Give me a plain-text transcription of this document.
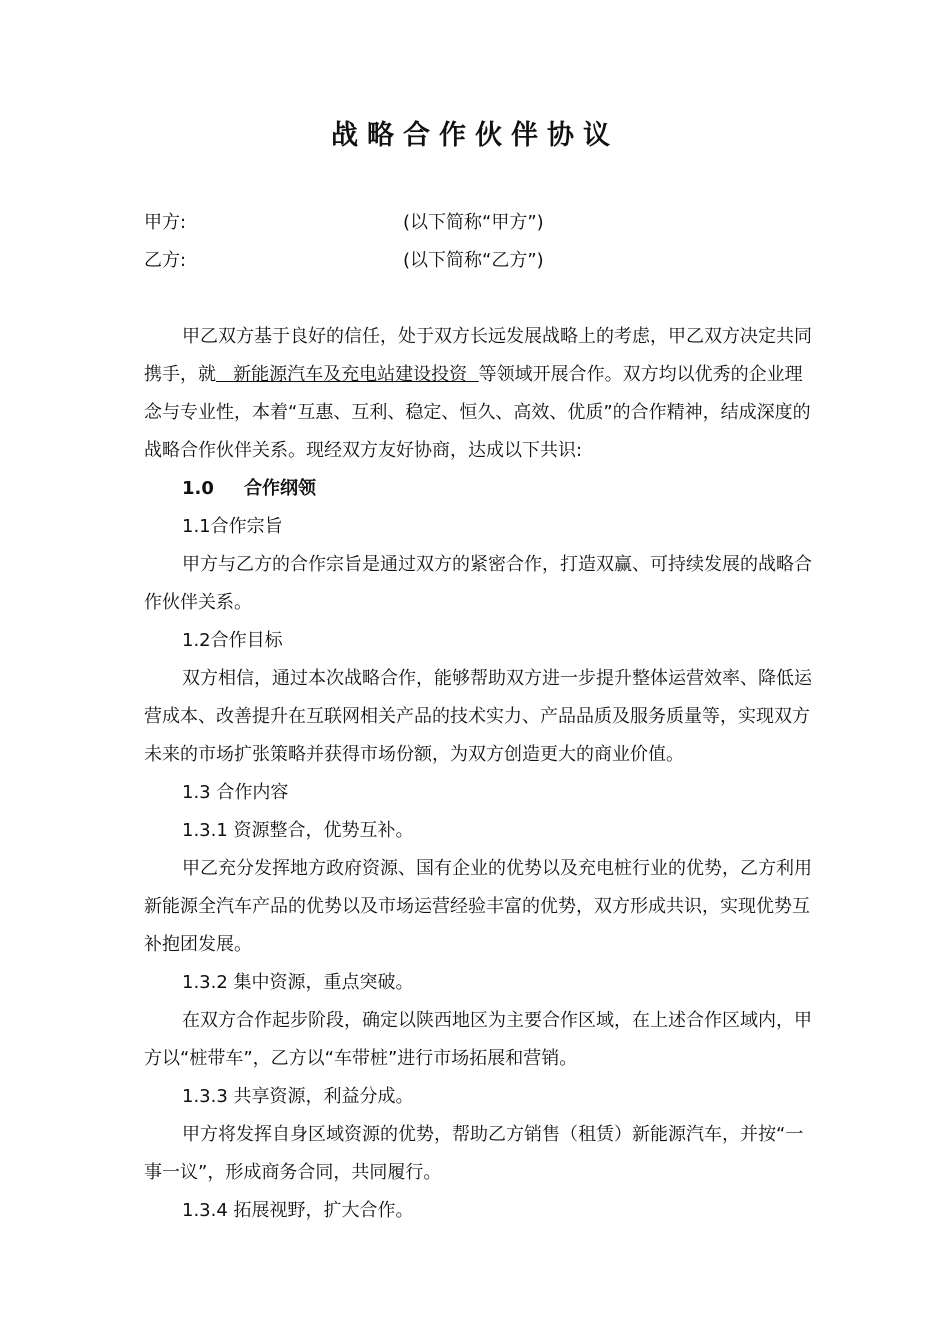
战略合作伙伴协议
甲方:	(以下简称“甲方”)
乙方:	(以下简称“乙方”)

甲乙双方基于良好的信任，处于双方长远发展战略上的考虑，甲乙双方决定共同携手，就 新能源汽车及充电站建设投资 等领域开展合作。双方均以优秀的企业理念与专业性，本着“互惠、互利、稳定、恒久、高效、优质”的合作精神，结成深度的战略合作伙伴关系。现经双方友好协商，达成以下共识:

1.0 合作纲领

1.1合作宗旨

甲方与乙方的合作宗旨是通过双方的紧密合作，打造双赢、可持续发展的战略合作伙伴关系。

1.2合作目标

双方相信，通过本次战略合作，能够帮助双方进一步提升整体运营效率、降低运营成本、改善提升在互联网相关产品的技术实力、产品品质及服务质量等，实现双方未来的市场扩张策略并获得市场份额，为双方创造更大的商业价值。

1.3 合作内容

1.3.1 资源整合，优势互补。

甲乙充分发挥地方政府资源、国有企业的优势以及充电桩行业的优势，乙方利用新能源全汽车产品的优势以及市场运营经验丰富的优势，双方形成共识，实现优势互补抱团发展。

1.3.2 集中资源，重点突破。

在双方合作起步阶段，确定以陕西地区为主要合作区域，在上述合作区域内，甲方以“桩带车”，乙方以“车带桩”进行市场拓展和营销。

1.3.3 共享资源，利益分成。

甲方将发挥自身区域资源的优势，帮助乙方销售（租赁）新能源汽车，并按“一事一议”，形成商务合同，共同履行。

1.3.4 拓展视野，扩大合作。
